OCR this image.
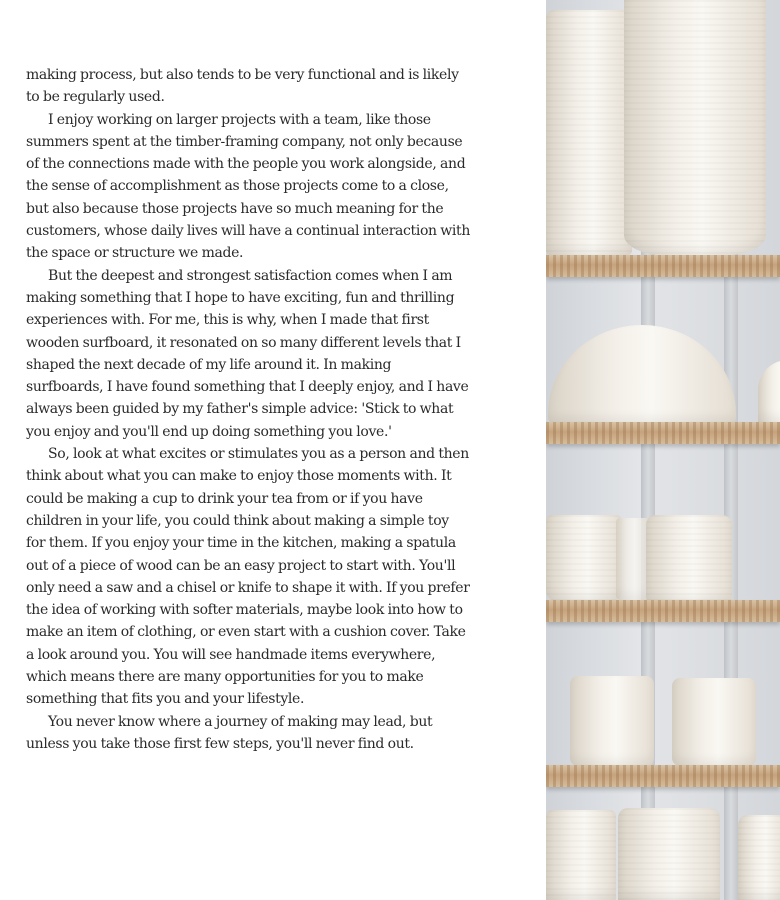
making process, but also tends to be very functional and is likely to be regularly used.

I enjoy working on larger projects with a team, like those summers spent at the timber-framing company, not only because of the connections made with the people you work alongside, and the sense of accomplishment as those projects come to a close, but also because those projects have so much meaning for the customers, whose daily lives will have a continual interaction with the space or structure we made.

But the deepest and strongest satisfaction comes when I am making something that I hope to have exciting, fun and thrilling experiences with. For me, this is why, when I made that first wooden surfboard, it resonated on so many different levels that I shaped the next decade of my life around it. In making surfboards, I have found something that I deeply enjoy, and I have always been guided by my father's simple advice: 'Stick to what you enjoy and you'll end up doing something you love.'

So, look at what excites or stimulates you as a person and then think about what you can make to enjoy those moments with. It could be making a cup to drink your tea from or if you have children in your life, you could think about making a simple toy for them. If you enjoy your time in the kitchen, making a spatula out of a piece of wood can be an easy project to start with. You'll only need a saw and a chisel or knife to shape it with. If you prefer the idea of working with softer materials, maybe look into how to make an item of clothing, or even start with a cushion cover. Take a look around you. You will see handmade items everywhere, which means there are many opportunities for you to make something that fits you and your lifestyle.

You never know where a journey of making may lead, but unless you take those first few steps, you'll never find out.
